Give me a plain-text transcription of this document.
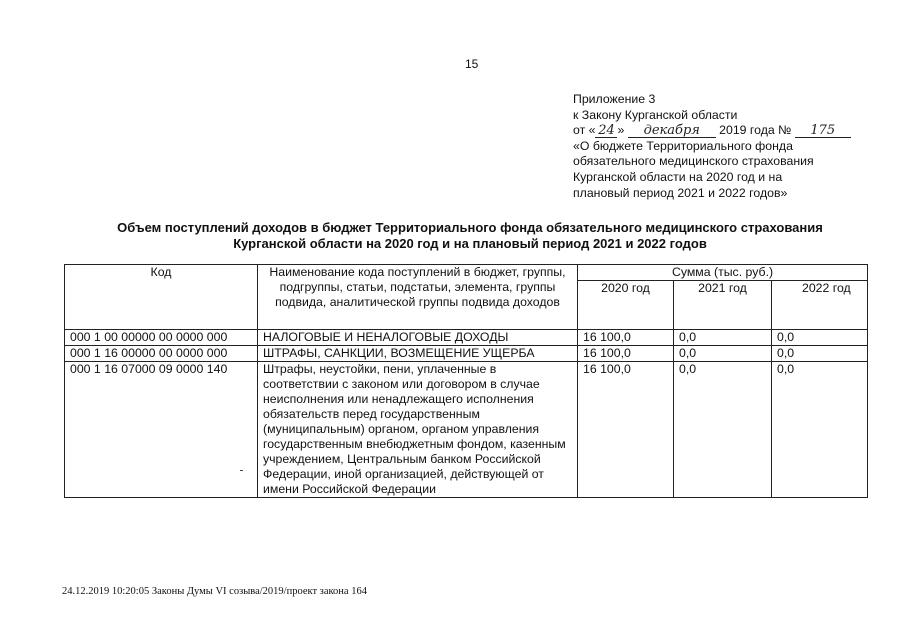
15
Приложение 3
к Закону Курганской области
от « 24 » декабря 2019 года № 175
«О бюджете Территориального фонда
обязательного медицинского страхования
Курганской области на 2020 год и на
плановый период 2021 и 2022 годов»
Объем поступлений доходов в бюджет Территориального фонда обязательного медицинского страхования
Курганской области на 2020 год и на плановый период 2021 и 2022 годов
Код	Наименование кода поступлений в бюджет, группы, подгруппы, статьи, подстатьи, элемента, группы подвида, аналитической группы подвида доходов	Сумма (тыс. руб.)		
		2020 год	2021 год	2022 год
000 1 00 00000 00 0000 000	НАЛОГОВЫЕ И НЕНАЛОГОВЫЕ ДОХОДЫ	16 100,0	0,0	0,0
000 1 16 00000 00 0000 000	ШТРАФЫ, САНКЦИИ, ВОЗМЕЩЕНИЕ УЩЕРБА	16 100,0	0,0	0,0
000 1 16 07000 09 0000 140	Штрафы, неустойки, пени, уплаченные в соответствии с законом или договором в случае неисполнения или ненадлежащего исполнения обязательств перед государственным (муниципальным) органом, органом управления государственным внебюджетным фондом, казенным учреждением, Центральным банком Российской Федерации, иной организацией, действующей от имени Российской Федерации	16 100,0	0,0	0,0
24.12.2019 10:20:05 Законы Думы VI созыва/2019/проект закона 164
